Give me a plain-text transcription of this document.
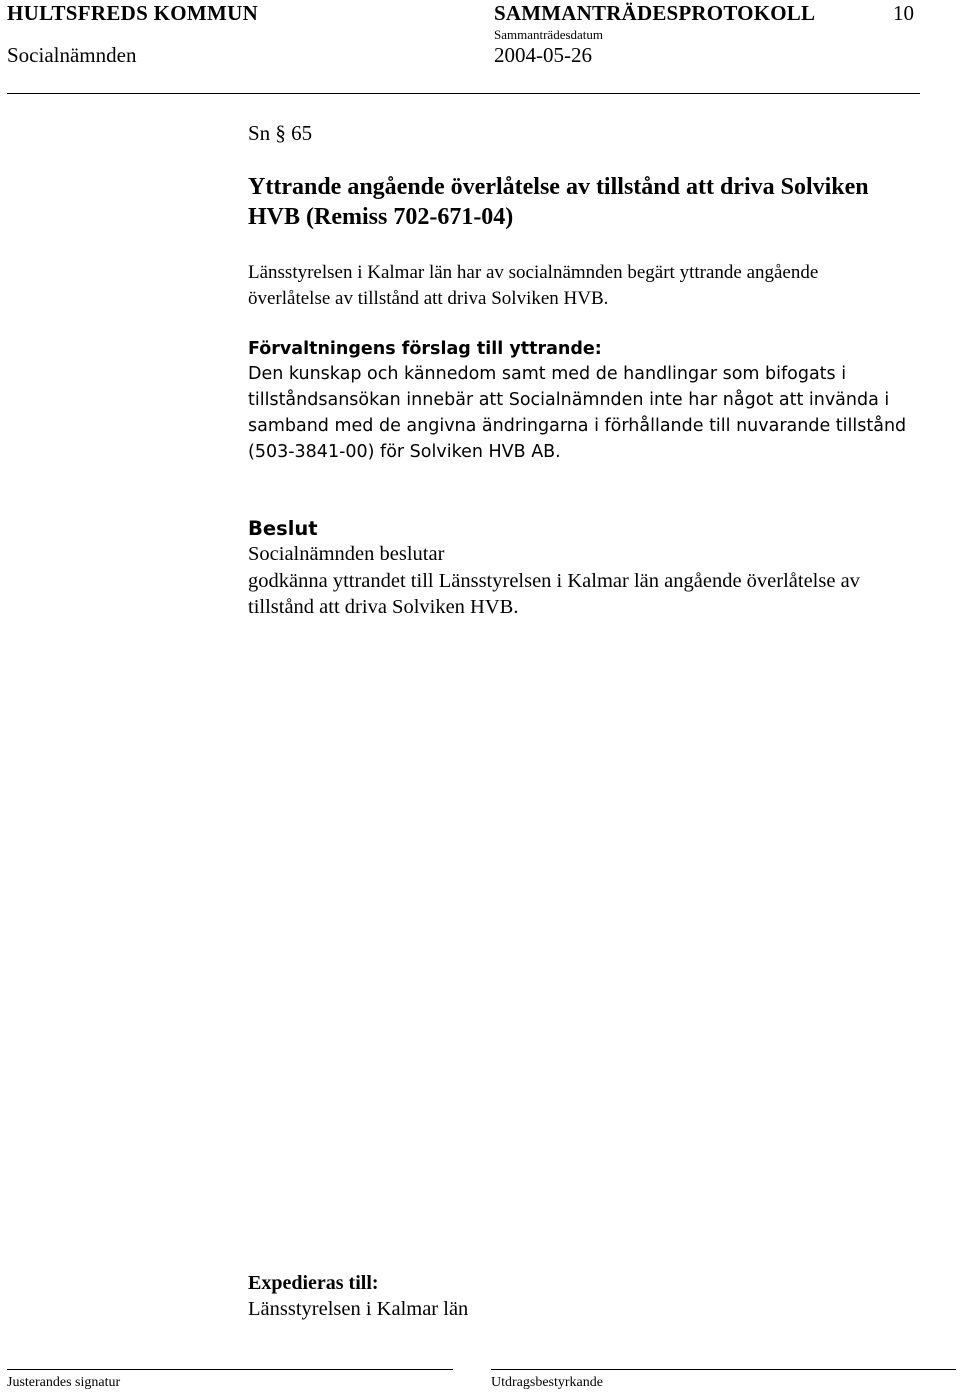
HULTSFREDS KOMMUN	SAMMANTRÄDESPROTOKOLL	10
Socialnämnden
Sammanträdesdatum
2004-05-26
Sn § 65
Yttrande angående överlåtelse av tillstånd att driva Solviken
HVB (Remiss 702-671-04)
Länsstyrelsen i Kalmar län har av socialnämnden begärt yttrande angående
överlåtelse av tillstånd att driva Solviken HVB.
Förvaltningens förslag till yttrande:
Den kunskap och kännedom samt med de handlingar som bifogats i
tillståndsansökan innebär att Socialnämnden inte har något att invända i
samband med de angivna ändringarna i förhållande till nuvarande tillstånd
(503-3841-00) för Solviken HVB AB.
Beslut
Socialnämnden beslutar
godkänna yttrandet till Länsstyrelsen i Kalmar län angående överlåtelse av
tillstånd att driva Solviken HVB.
Expedieras till:
Länsstyrelsen i Kalmar län
Justerandes signatur	Utdragsbestyrkande
